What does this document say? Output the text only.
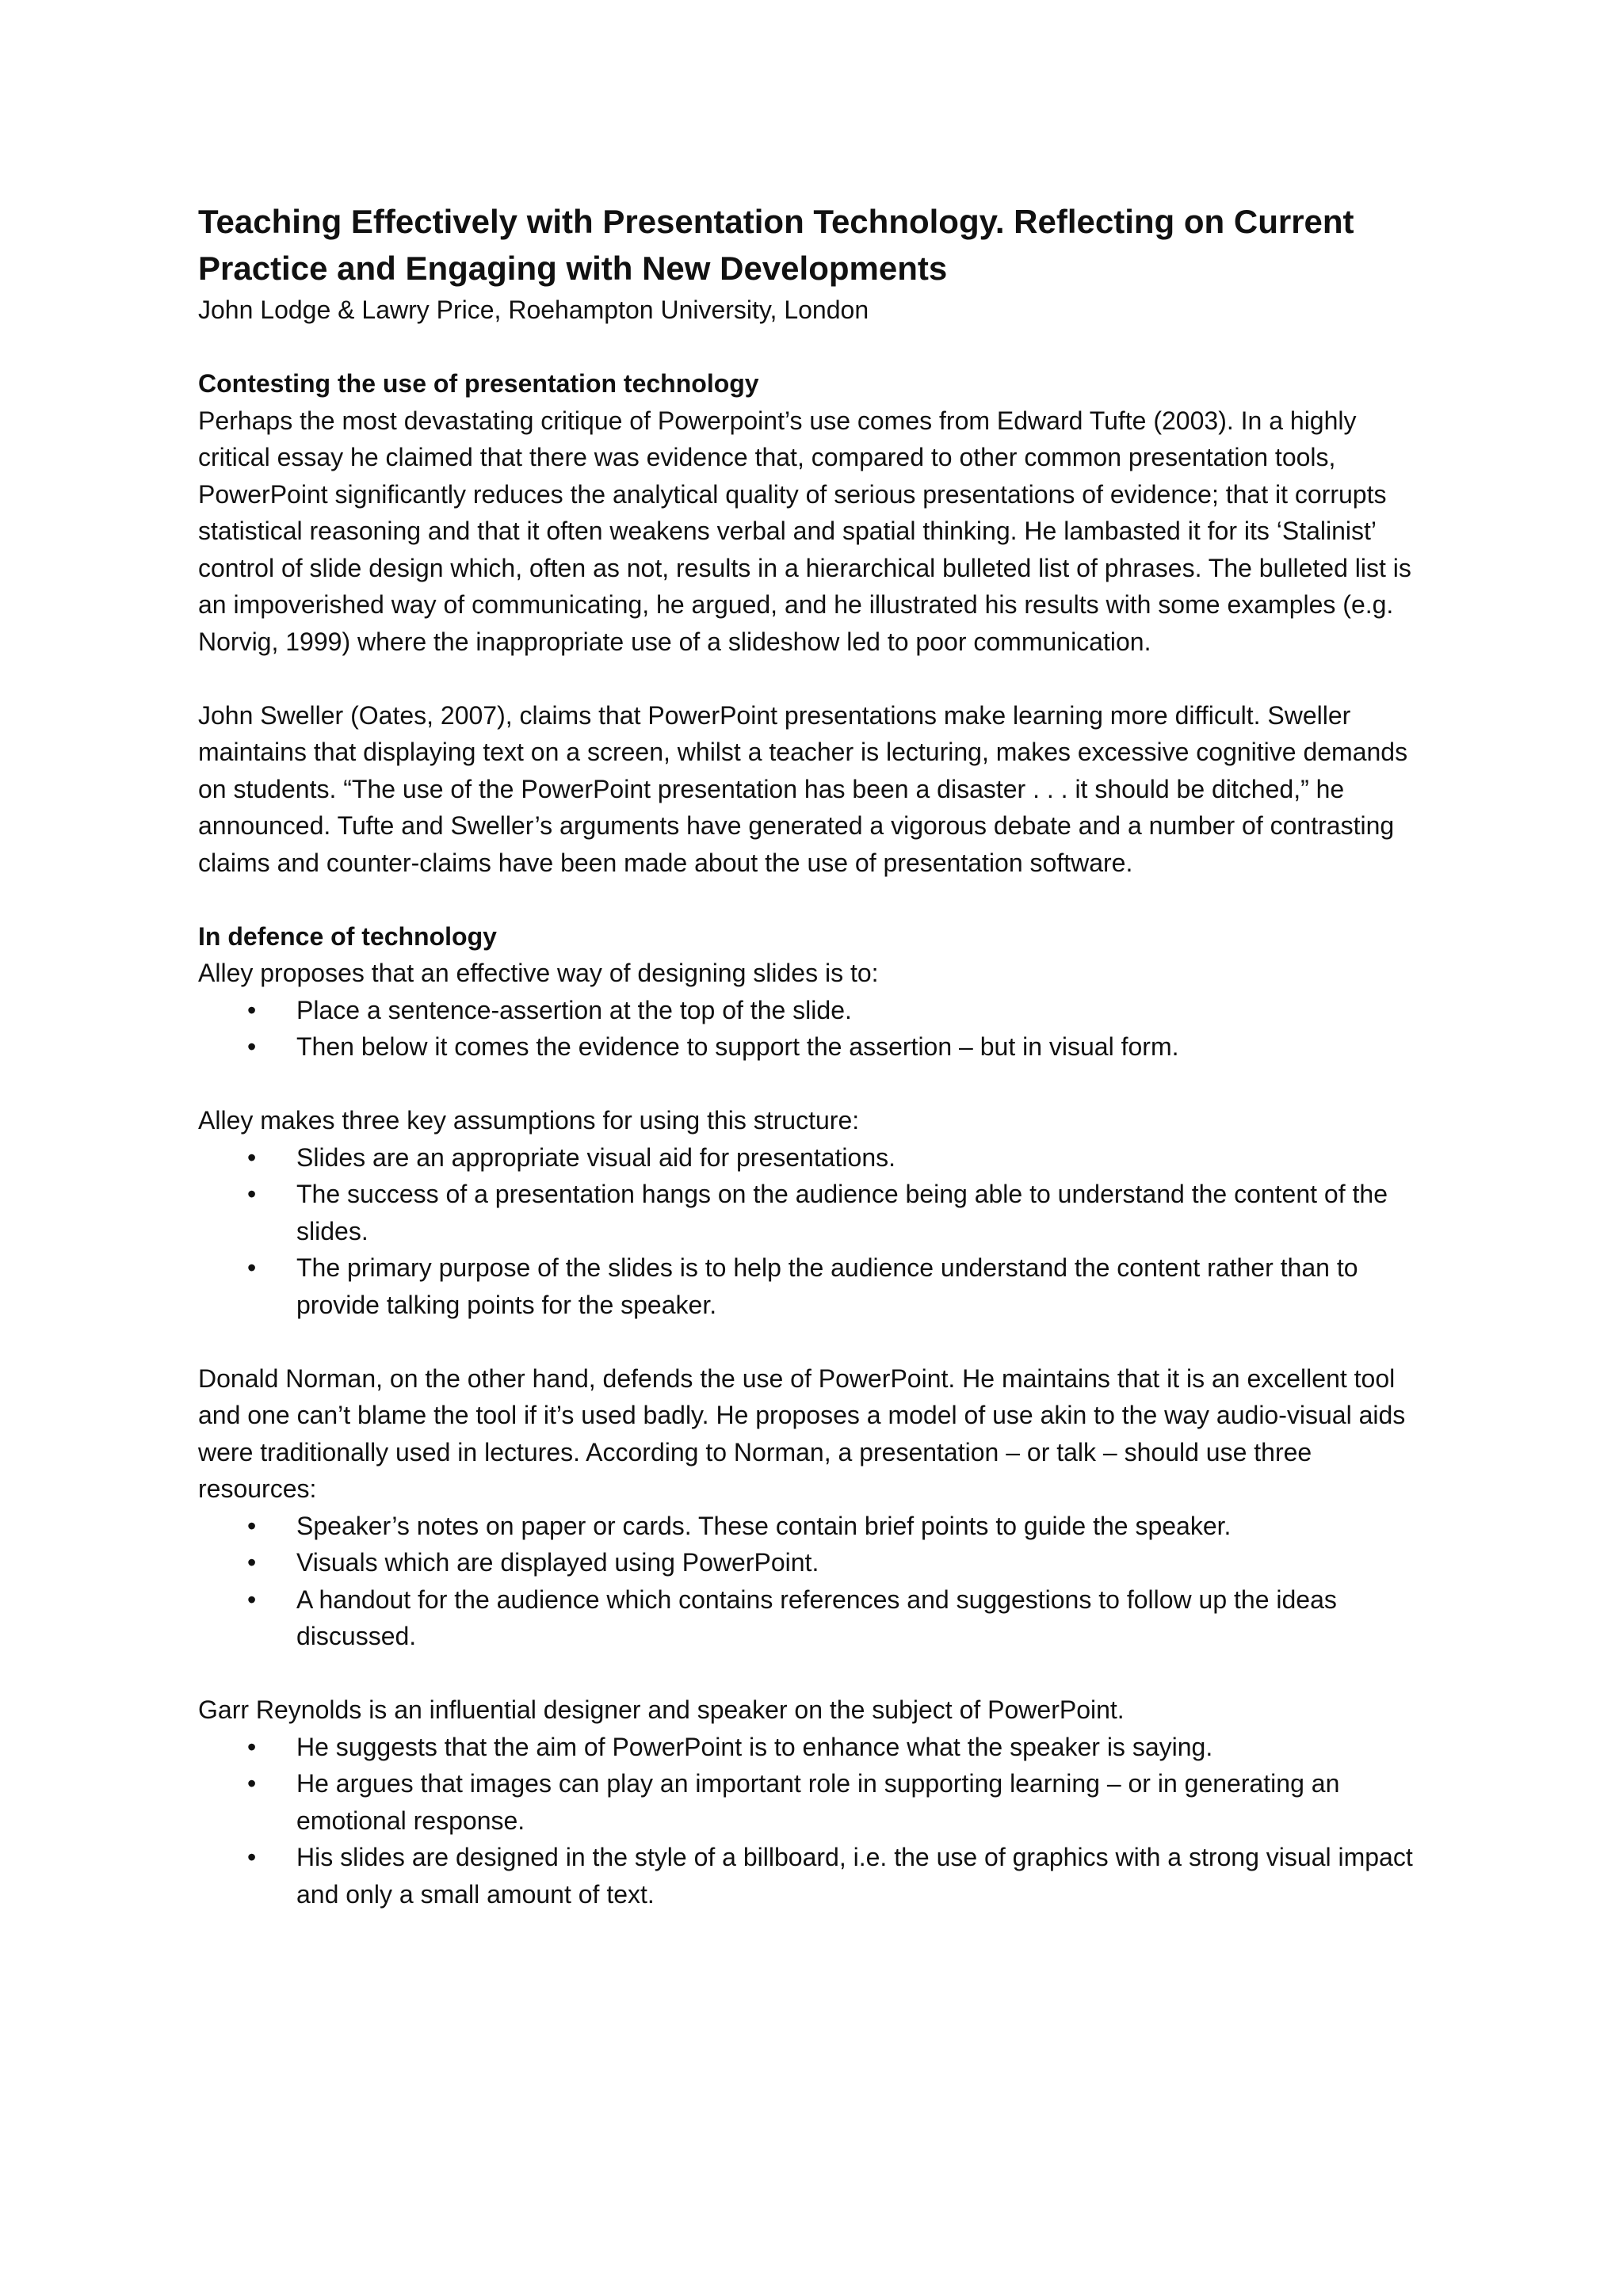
Teaching Effectively with Presentation Technology. Reflecting on Current Practice and Engaging with New Developments

John Lodge & Lawry Price, Roehampton University, London

Contesting the use of presentation technology

Perhaps the most devastating critique of Powerpoint’s use comes from Edward Tufte (2003). In a highly critical essay he claimed that there was evidence that, compared to other common presentation tools, PowerPoint significantly reduces the analytical quality of serious presentations of evidence; that it corrupts statistical reasoning and that it often weakens verbal and spatial thinking. He lambasted it for its ‘Stalinist’ control of slide design which, often as not, results in a hierarchical bulleted list of phrases. The bulleted list is an impoverished way of communicating, he argued, and he illustrated his results with some examples (e.g. Norvig, 1999) where the inappropriate use of a slideshow led to poor communication.

John Sweller (Oates, 2007), claims that PowerPoint presentations make learning more difficult. Sweller maintains that displaying text on a screen, whilst a teacher is lecturing, makes excessive cognitive demands on students. “The use of the PowerPoint presentation has been a disaster . . . it should be ditched,” he announced. Tufte and Sweller’s arguments have generated a vigorous debate and a number of contrasting claims and counter-claims have been made about the use of presentation software.

In defence of technology

Alley proposes that an effective way of designing slides is to:

• Place a sentence-assertion at the top of the slide.
• Then below it comes the evidence to support the assertion – but in visual form.

Alley makes three key assumptions for using this structure:

• Slides are an appropriate visual aid for presentations.
• The success of a presentation hangs on the audience being able to understand the content of the slides.
• The primary purpose of the slides is to help the audience understand the content rather than to provide talking points for the speaker.

Donald Norman, on the other hand, defends the use of PowerPoint. He maintains that it is an excellent tool and one can’t blame the tool if it’s used badly. He proposes a model of use akin to the way audio-visual aids were traditionally used in lectures. According to Norman, a presentation – or talk – should use three resources:

• Speaker’s notes on paper or cards. These contain brief points to guide the speaker.
• Visuals which are displayed using PowerPoint.
• A handout for the audience which contains references and suggestions to follow up the ideas discussed.

Garr Reynolds is an influential designer and speaker on the subject of PowerPoint.

• He suggests that the aim of PowerPoint is to enhance what the speaker is saying.
• He argues that images can play an important role in supporting learning – or in generating an emotional response.
• His slides are designed in the style of a billboard, i.e. the use of graphics with a strong visual impact and only a small amount of text.
